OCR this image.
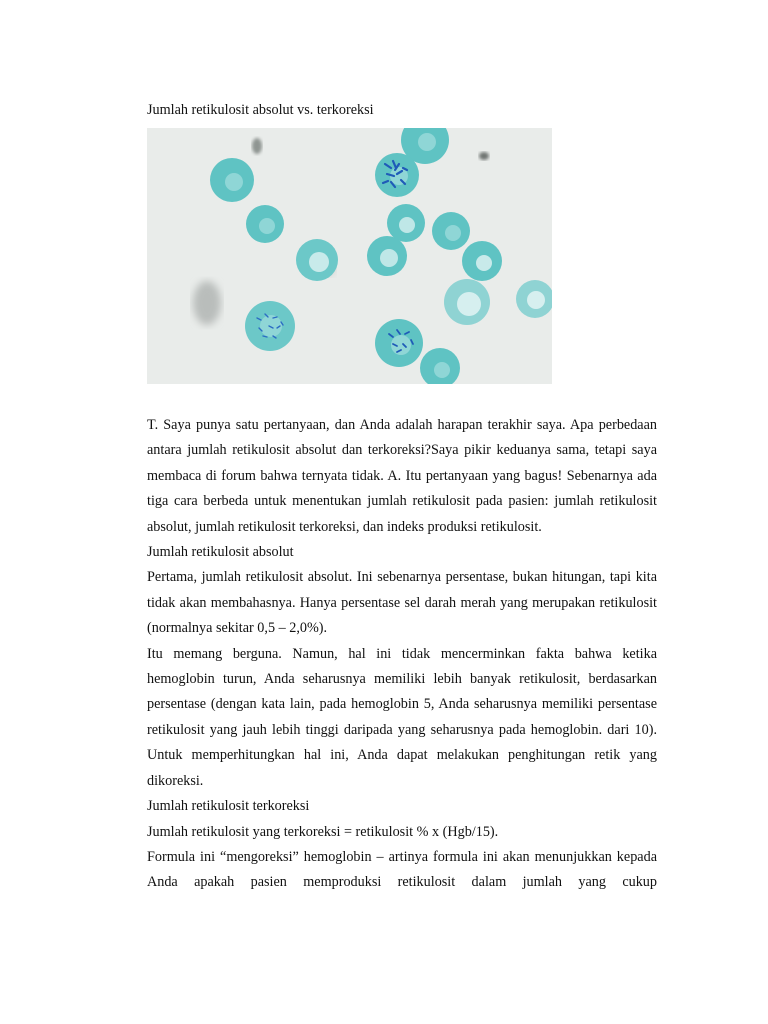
Jumlah retikulosit absolut vs. terkoreksi

T. Saya punya satu pertanyaan, dan Anda adalah harapan terakhir saya. Apa perbedaan antara jumlah retikulosit absolut dan terkoreksi?Saya pikir keduanya sama, tetapi saya membaca di forum bahwa ternyata tidak. A. Itu pertanyaan yang bagus! Sebenarnya ada tiga cara berbeda untuk menentukan jumlah retikulosit pada pasien: jumlah retikulosit absolut, jumlah retikulosit terkoreksi, dan indeks produksi retikulosit.

Jumlah retikulosit absolut

Pertama, jumlah retikulosit absolut. Ini sebenarnya persentase, bukan hitungan, tapi kita tidak akan membahasnya. Hanya persentase sel darah merah yang merupakan retikulosit (normalnya sekitar 0,5 – 2,0%).

Itu memang berguna. Namun, hal ini tidak mencerminkan fakta bahwa ketika hemoglobin turun, Anda seharusnya memiliki lebih banyak retikulosit, berdasarkan persentase (dengan kata lain, pada hemoglobin 5, Anda seharusnya memiliki persentase retikulosit yang jauh lebih tinggi daripada yang seharusnya pada hemoglobin. dari 10). Untuk memperhitungkan hal ini, Anda dapat melakukan penghitungan retik yang dikoreksi.

Jumlah retikulosit terkoreksi

Jumlah retikulosit yang terkoreksi = retikulosit % x (Hgb/15).

Formula ini “mengoreksi” hemoglobin – artinya formula ini akan menunjukkan kepada Anda apakah pasien memproduksi retikulosit dalam jumlah yang cukup
